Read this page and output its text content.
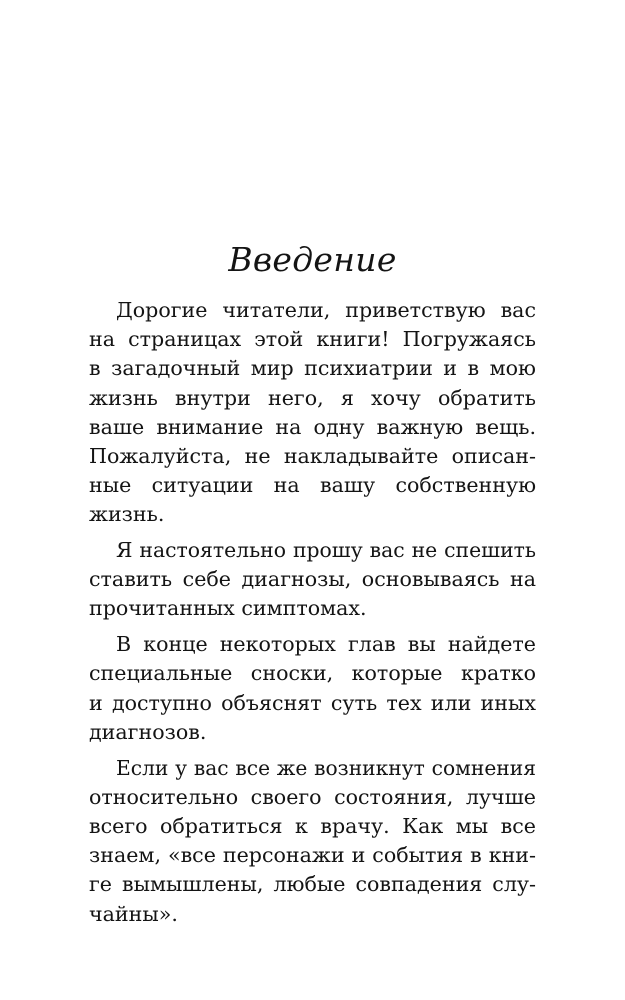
Введение

Дорогие читатели, приветствую вас
на страницах этой книги! Погружаясь
в загадочный мир психиатрии и в мою
жизнь внутри него, я хочу обратить
ваше внимание на одну важную вещь.
Пожалуйста, не накладывайте описан-
ные ситуации на вашу собственную
жизнь.

Я настоятельно прошу вас не спешить
ставить себе диагнозы, основываясь на
прочитанных симптомах.

В конце некоторых глав вы найдете
специальные сноски, которые кратко
и доступно объяснят суть тех или иных
диагнозов.

Если у вас все же возникнут сомнения
относительно своего состояния, лучше
всего обратиться к врачу. Как мы все
знаем, «все персонажи и события в кни-
ге вымышлены, любые совпадения слу-
чайны».
